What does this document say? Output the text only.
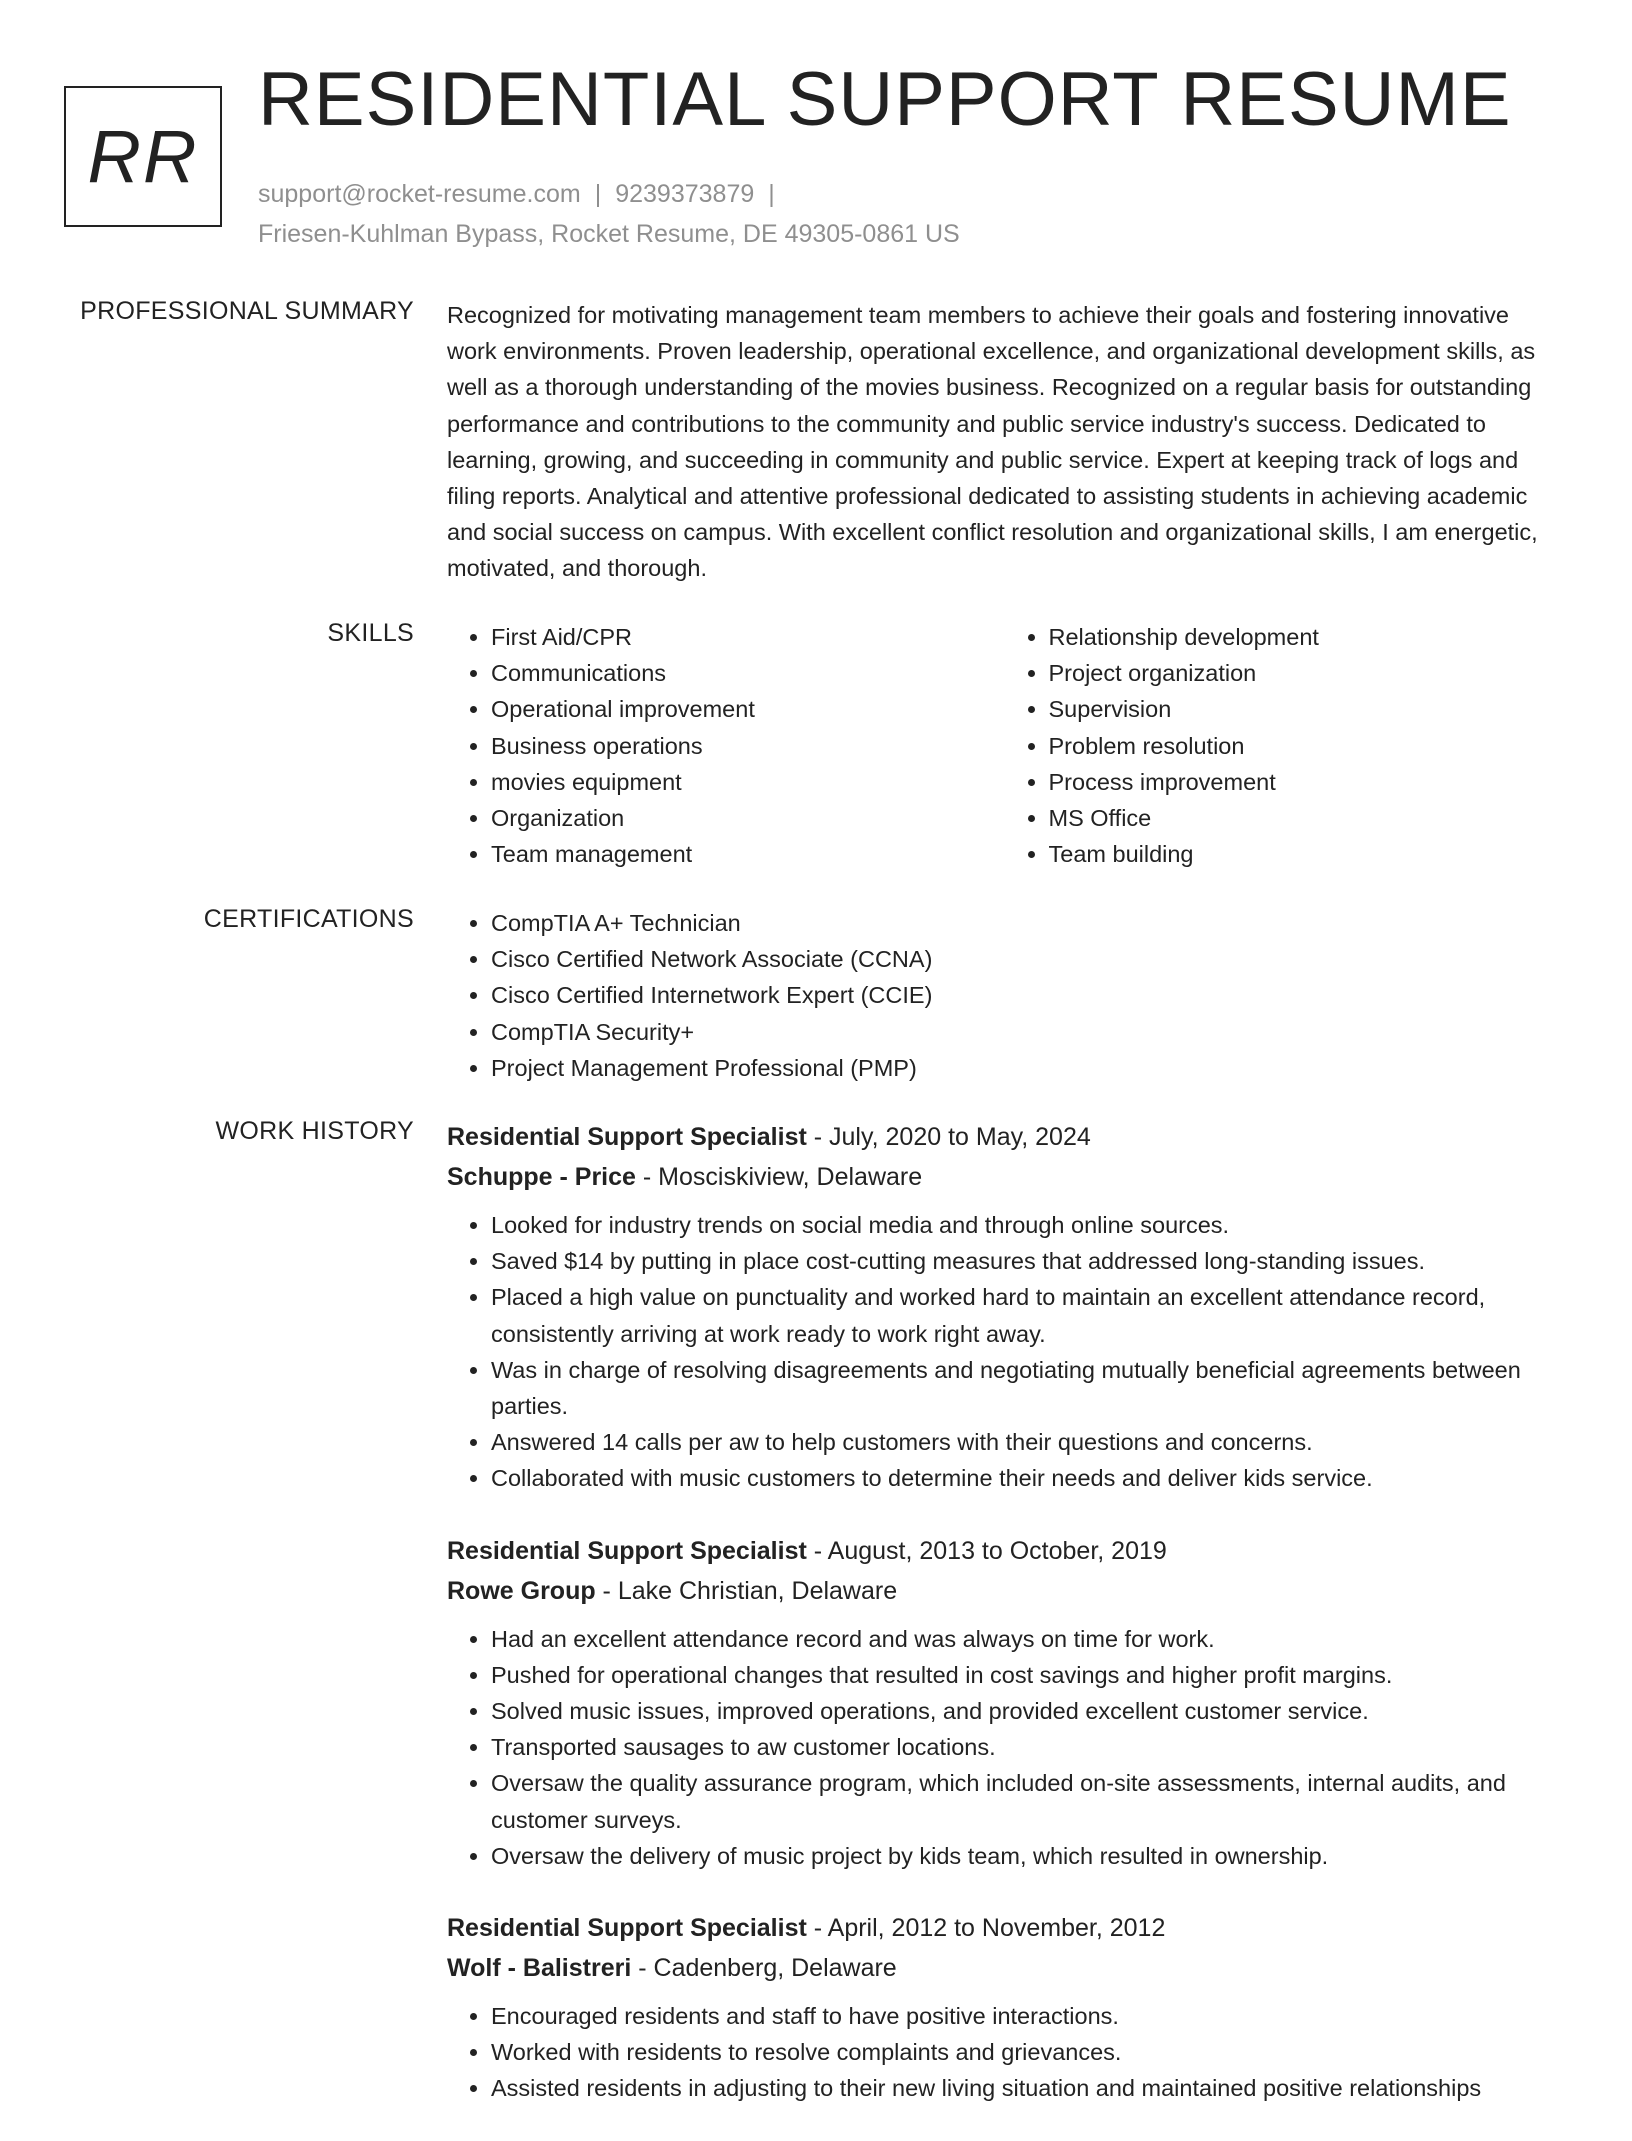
RR
RESIDENTIAL SUPPORT RESUME
support@rocket-resume.com | 9239373879 |
Friesen-Kuhlman Bypass, Rocket Resume, DE 49305-0861 US
PROFESSIONAL SUMMARY Recognized for motivating management team members to achieve their goals and fostering innovative work environments. Proven leadership, operational excellence, and organizational development skills, as well as a thorough understanding of the movies business. Recognized on a regular basis for outstanding performance and contributions to the community and public service industry's success. Dedicated to learning, growing, and succeeding in community and public service. Expert at keeping track of logs and filing reports. Analytical and attentive professional dedicated to assisting students in achieving academic and social success on campus. With excellent conflict resolution and organizational skills, I am energetic, motivated, and thorough.

SKILLS	• First Aid/CPR
• Communications
• Operational improvement
• Business operations
• movies equipment
• Organization
• Team management
• Relationship development
• Project organization
• Supervision
• Problem resolution
• Process improvement
• MS Office
• Team building
CERTIFICATIONS	• CompTIA A+ Technician
• Cisco Certified Network Associate (CCNA)
• Cisco Certified Internetwork Expert (CCIE)
• CompTIA Security+
• Project Management Professional (PMP)
WORK HISTORY Residential Support Specialist - July, 2020 to May, 2024
Schuppe - Price - Mosciskiview, Delaware
• Looked for industry trends on social media and through online sources.
• Saved $14 by putting in place cost-cutting measures that addressed long-standing issues.
• Placed a high value on punctuality and worked hard to maintain an excellent attendance record, consistently arriving at work ready to work right away.
• Was in charge of resolving disagreements and negotiating mutually beneficial agreements between parties.
• Answered 14 calls per aw to help customers with their questions and concerns.
• Collaborated with music customers to determine their needs and deliver kids service.
Residential Support Specialist - August, 2013 to October, 2019
Rowe Group - Lake Christian, Delaware
• Had an excellent attendance record and was always on time for work.
• Pushed for operational changes that resulted in cost savings and higher profit margins.
• Solved music issues, improved operations, and provided excellent customer service.
• Transported sausages to aw customer locations.
• Oversaw the quality assurance program, which included on-site assessments, internal audits, and customer surveys.
• Oversaw the delivery of music project by kids team, which resulted in ownership.
Residential Support Specialist - April, 2012 to November, 2012
Wolf - Balistreri - Cadenberg, Delaware
• Encouraged residents and staff to have positive interactions.
• Worked with residents to resolve complaints and grievances.
• Assisted residents in adjusting to their new living situation and maintained positive relationships
